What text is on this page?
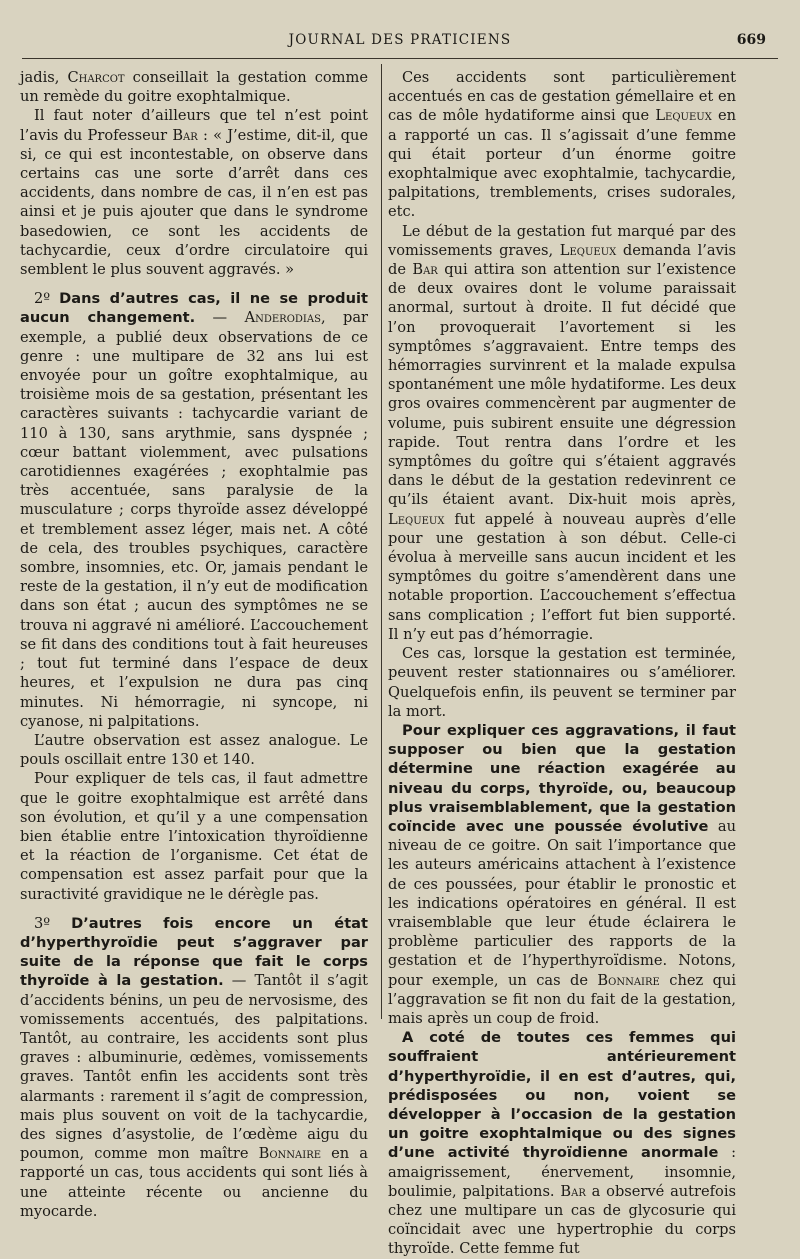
JOURNAL DES PRATICIENS	669

jadis, Charcot conseillait la gestation comme un remède du goitre exophtalmique.

Il faut noter d’ailleurs que tel n’est point l’avis du Professeur Bar : « J’estime, dit-il, que si, ce qui est incontestable, on observe dans certains cas une sorte d’arrêt dans ces accidents, dans nombre de cas, il n’en est pas ainsi et je puis ajouter que dans le syndrome basedowien, ce sont les accidents de tachycardie, ceux d’ordre circulatoire qui semblent le plus souvent aggravés. »

2º Dans d’autres cas, il ne se produit aucun changement. — Anderodias, par exemple, a publié deux observations de ce genre : une multipare de 32 ans lui est envoyée pour un goître exophtalmique, au troisième mois de sa gestation, présentant les caractères suivants : tachycardie variant de 110 à 130, sans arythmie, sans dyspnée ; cœur battant violemment, avec pulsations carotidiennes exagérées ; exophtalmie pas très accentuée, sans paralysie de la musculature ; corps thyroïde assez développé et tremblement assez léger, mais net. A côté de cela, des troubles psychiques, caractère sombre, insomnies, etc. Or, jamais pendant le reste de la gestation, il n’y eut de modification dans son état ; aucun des symptômes ne se trouva ni aggravé ni amélioré. L’accouchement se fit dans des conditions tout à fait heureuses ; tout fut terminé dans l’espace de deux heures, et l’expulsion ne dura pas cinq minutes. Ni hémorragie, ni syncope, ni cyanose, ni palpitations.

L’autre observation est assez analogue. Le pouls oscillait entre 130 et 140.

Pour expliquer de tels cas, il faut admettre que le goitre exophtalmique est arrêté dans son évolution, et qu’il y a une compensation bien établie entre l’intoxication thyroïdienne et la réaction de l’organisme. Cet état de compensation est assez parfait pour que la suractivité gravidique ne le dérègle pas.

3º D’autres fois encore un état d’hyperthyroïdie peut s’aggraver par suite de la réponse que fait le corps thyroïde à la gestation. — Tantôt il s’agit d’accidents bénins, un peu de nervosisme, des vomissements accentués, des palpitations. Tantôt, au contraire, les accidents sont plus graves : albuminurie, œdèmes, vomissements graves. Tantôt enfin les accidents sont très alarmants : rarement il s’agit de compression, mais plus souvent on voit de la tachycardie, des signes d’asystolie, de l’œdème aigu du poumon, comme mon maître Bonnaire en a rapporté un cas, tous accidents qui sont liés à une atteinte récente ou ancienne du myocarde.

Ces accidents sont particulièrement accentués en cas de gestation gémellaire et en cas de môle hydatiforme ainsi que Lequeux en a rapporté un cas. Il s’agissait d’une femme qui était porteur d’un énorme goitre exophtalmique avec exophtalmie, tachycardie, palpitations, tremblements, crises sudorales, etc.

Le début de la gestation fut marqué par des vomissements graves, Lequeux demanda l’avis de Bar qui attira son attention sur l’existence de deux ovaires dont le volume paraissait anormal, surtout à droite. Il fut décidé que l’on provoquerait l’avortement si les symptômes s’aggravaient. Entre temps des hémorragies survinrent et la malade expulsa spontanément une môle hydatiforme. Les deux gros ovaires commencèrent par augmenter de volume, puis subirent ensuite une dégression rapide. Tout rentra dans l’ordre et les symptômes du goître qui s’étaient aggravés dans le début de la gestation redevinrent ce qu’ils étaient avant. Dix-huit mois après, Lequeux fut appelé à nouveau auprès d’elle pour une gestation à son début. Celle-ci évolua à merveille sans aucun incident et les symptômes du goitre s’amendèrent dans une notable proportion. L’accouchement s’effectua sans complication ; l’effort fut bien supporté. Il n’y eut pas d’hémorragie.

Ces cas, lorsque la gestation est terminée, peuvent rester stationnaires ou s’améliorer. Quelquefois enfin, ils peuvent se terminer par la mort.

Pour expliquer ces aggravations, il faut supposer ou bien que la gestation détermine une réaction exagérée au niveau du corps, thyroïde, ou, beaucoup plus vraisemblablement, que la gestation coïncide avec une poussée évolutive au niveau de ce goitre. On sait l’importance que les auteurs américains attachent à l’existence de ces poussées, pour établir le pronostic et les indications opératoires en général. Il est vraisemblable que leur étude éclairera le problème particulier des rapports de la gestation et de l’hyperthyroïdisme. Notons, pour exemple, un cas de Bonnaire chez qui l’aggravation se fit non du fait de la gestation, mais après un coup de froid.

A coté de toutes ces femmes qui souffraient antérieurement d’hyperthyroïdie, il en est d’autres, qui, prédisposées ou non, voient se développer à l’occasion de la gestation un goitre exophtalmique ou des signes d’une activité thyroïdienne anormale : amaigrissement, énervement, insomnie, boulimie, palpitations. Bar a observé autrefois chez une multipare un cas de glycosurie qui coïncidait avec une hypertrophie du corps thyroïde. Cette femme fut
